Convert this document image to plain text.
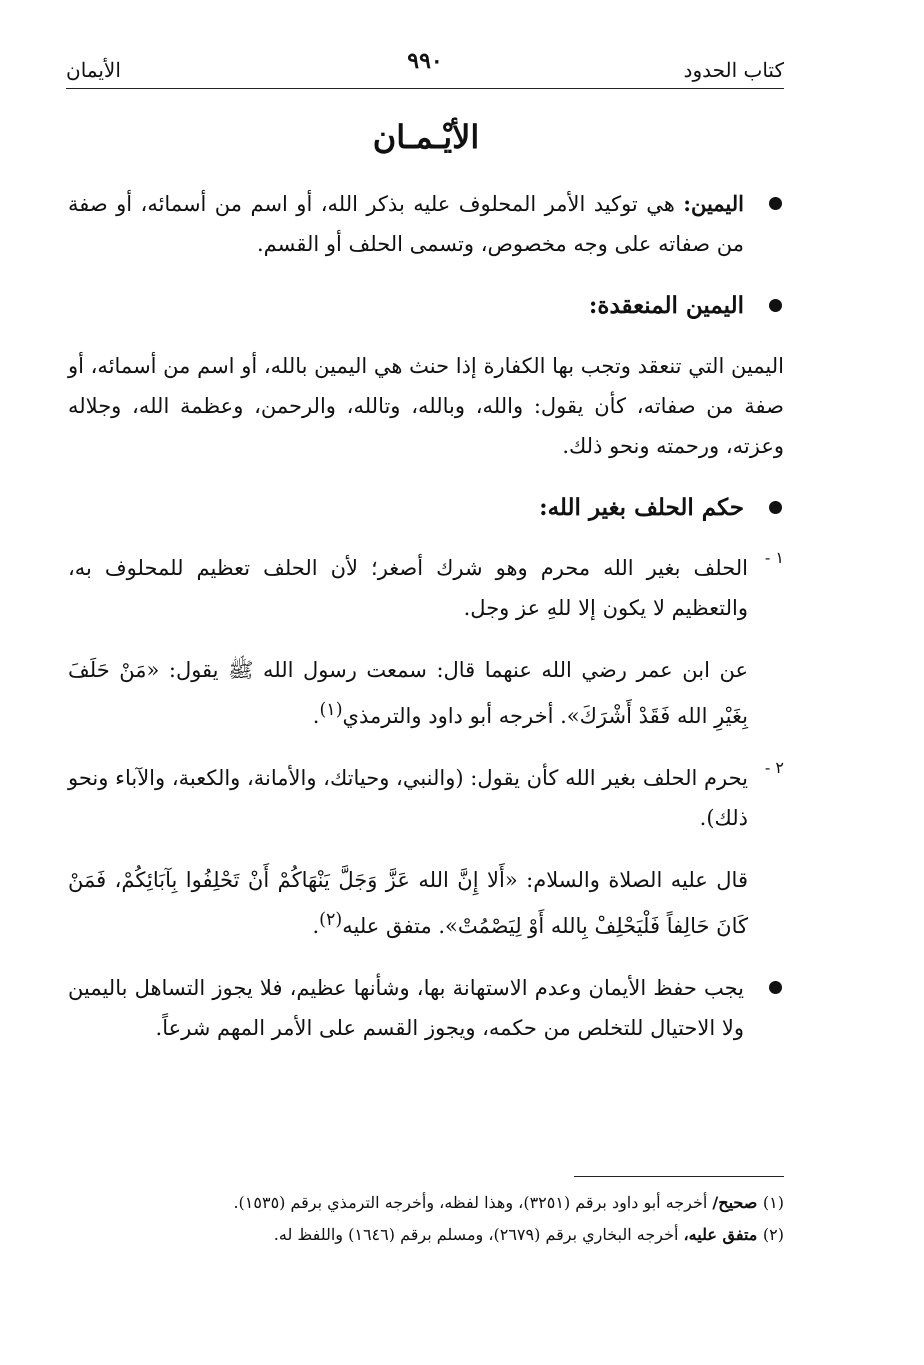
كتاب الحدود
٩٩٠
الأيمان
الأيْـمـان

اليمين: هي توكيد الأمر المحلوف عليه بذكر الله، أو اسم من أسمائه، أو صفة من صفاته على وجه مخصوص، وتسمى الحلف أو القسم.

اليمين المنعقدة:

اليمين التي تنعقد وتجب بها الكفارة إذا حنث هي اليمين بالله، أو اسم من أسمائه، أو صفة من صفاته، كأن يقول: والله، وبالله، وتالله، والرحمن، وعظمة الله، وجلاله وعزته، ورحمته ونحو ذلك.

حكم الحلف بغير الله:

١ -

الحلف بغير الله محرم وهو شرك أصغر؛ لأن الحلف تعظيم للمحلوف به، والتعظيم لا يكون إلا للهِ عز وجل.

عن ابن عمر رضي الله عنهما قال: سمعت رسول الله ﷺ يقول: «مَنْ حَلَفَ بِغَيْرِ الله فَقَدْ أَشْرَكَ». أخرجه أبو داود والترمذي$^{(١)}$.

٢ -

يحرم الحلف بغير الله كأن يقول: (والنبي، وحياتك، والأمانة، والكعبة، والآباء ونحو ذلك).

قال عليه الصلاة والسلام: «أَلا إِنَّ الله عَزَّ وَجَلَّ يَنْهَاكُمْ أَنْ تَحْلِفُوا بِآبَائِكُمْ، فَمَنْ كَانَ حَالِفاً فَلْيَحْلِفْ بِالله أَوْ لِيَصْمُتْ». متفق عليه$^{(٢)}$.

يجب حفظ الأيمان وعدم الاستهانة بها، وشأنها عظيم، فلا يجوز التساهل باليمين ولا الاحتيال للتخلص من حكمه، ويجوز القسم على الأمر المهم شرعاً.

(١) صحيح/ أخرجه أبو داود برقم (٣٢٥١)، وهذا لفظه، وأخرجه الترمذي برقم (١٥٣٥).

(٢) متفق عليه، أخرجه البخاري برقم (٢٦٧٩)، ومسلم برقم (١٦٤٦) واللفظ له.
